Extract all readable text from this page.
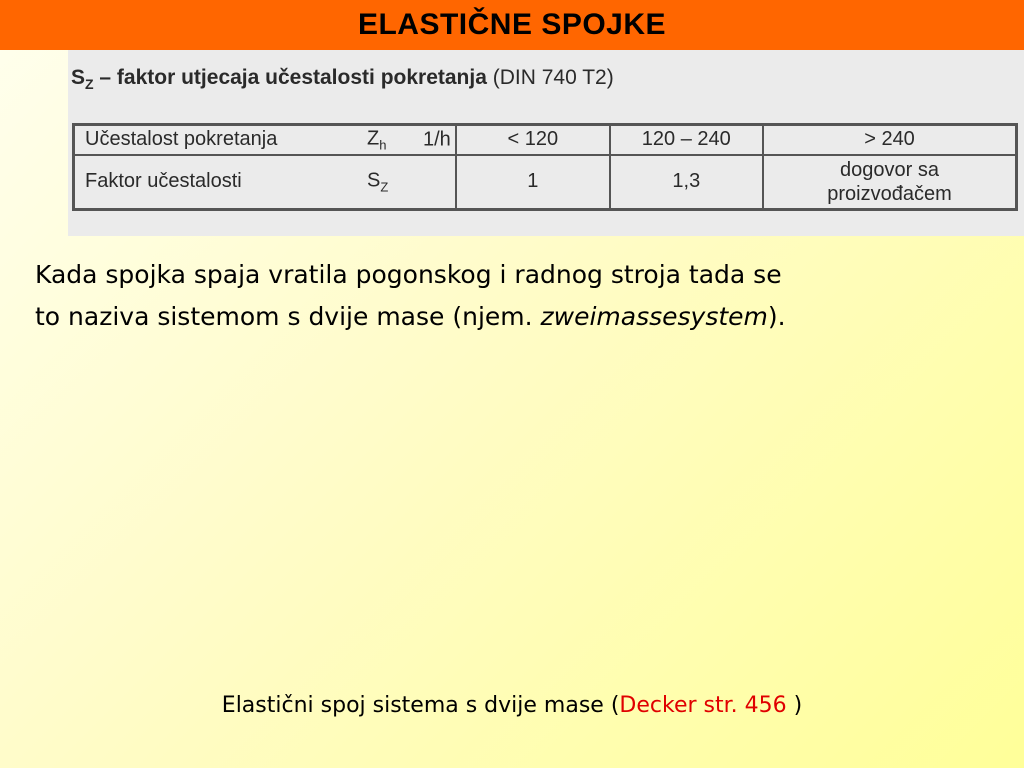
ELASTIČNE SPOJKE
$S_Z$ – faktor utjecaja učestalosti pokretanja (DIN 740 T2)
Učestalost pokretanja $Z_h$ 1/h	< 120	120 – 240	> 240
Faktor učestalosti $S_Z$	1	1,3	dogovor sa
proizvođačem
Kada spojka spaja vratila pogonskog i radnog stroja tada se
to naziva sistemom s dvije mase (njem. zweimassesystem).
Elastični spoj sistema s dvije mase (Decker str. 456 )
